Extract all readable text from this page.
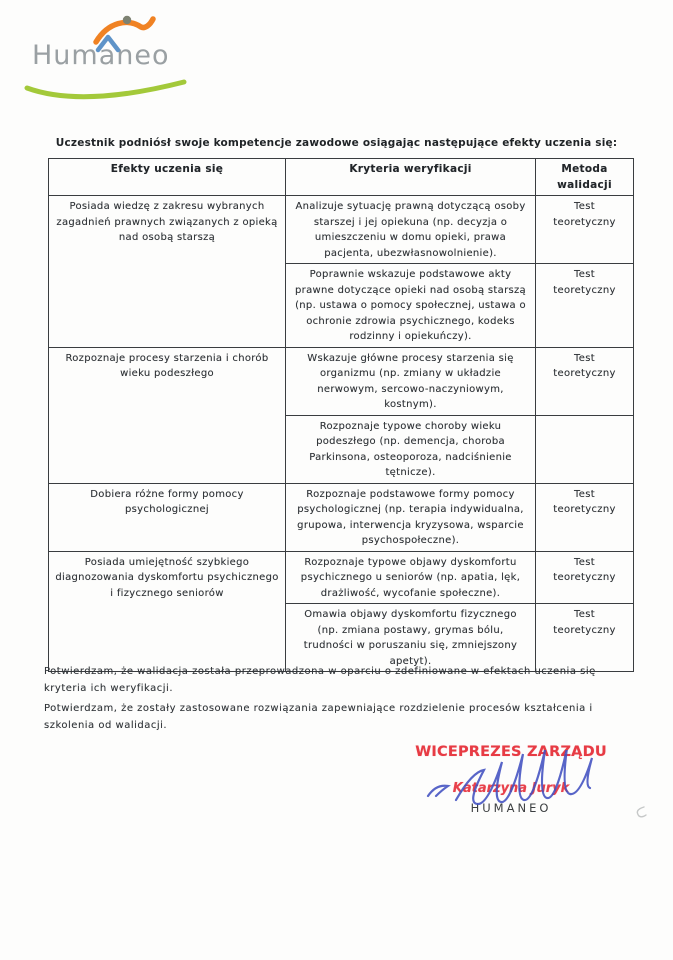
Humaneo
Uczestnik podniósł swoje kompetencje zawodowe osiągając następujące efekty uczenia się:
Efekty uczenia się	Kryteria weryfikacji	Metoda walidacji
Posiada wiedzę z zakresu wybranych zagadnień prawnych związanych z opieką nad osobą starszą	Analizuje sytuację prawną dotyczącą osoby starszej i jej opiekuna (np. decyzja o umieszczeniu w domu opieki, prawa pacjenta, ubezwłasnowolnienie).	Test teoretyczny
	Poprawnie wskazuje podstawowe akty prawne dotyczące opieki nad osobą starszą (np. ustawa o pomocy społecznej, ustawa o ochronie zdrowia psychicznego, kodeks rodzinny i opiekuńczy).	Test teoretyczny
Rozpoznaje procesy starzenia i chorób wieku podeszłego	Wskazuje główne procesy starzenia się organizmu (np. zmiany w układzie nerwowym, sercowo-naczyniowym, kostnym).	Test teoretyczny
	Rozpoznaje typowe choroby wieku podeszłego (np. demencja, choroba Parkinsona, osteoporoza, nadciśnienie tętnicze).	
Dobiera różne formy pomocy psychologicznej	Rozpoznaje podstawowe formy pomocy psychologicznej (np. terapia indywidualna, grupowa, interwencja kryzysowa, wsparcie psychospołeczne).	Test teoretyczny
Posiada umiejętność szybkiego diagnozowania dyskomfortu psychicznego i fizycznego seniorów	Rozpoznaje typowe objawy dyskomfortu psychicznego u seniorów (np. apatia, lęk, drażliwość, wycofanie społeczne).	Test teoretyczny
	Omawia objawy dyskomfortu fizycznego (np. zmiana postawy, grymas bólu, trudności w poruszaniu się, zmniejszony apetyt).	Test teoretyczny
Potwierdzam, że walidacja została przeprowadzona w oparciu o zdefiniowane w efektach uczenia się kryteria ich weryfikacji.
Potwierdzam, że zostały zastosowane rozwiązania zapewniające rozdzielenie procesów kształcenia i szkolenia od walidacji.
WICEPREZES ZARZĄDU
Katarzyna Juryk
HUMANEO
